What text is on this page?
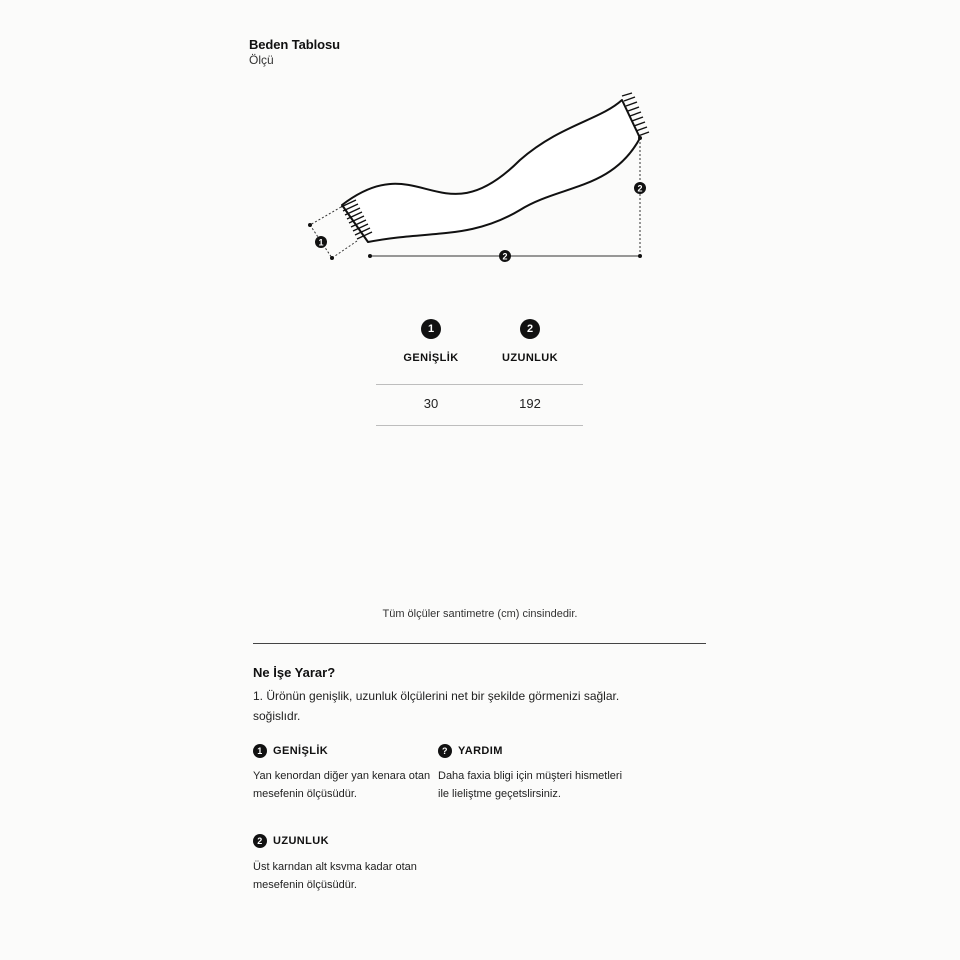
Beden Tablosu
Ölçü
1
2
2
1
GENİŞLİK
30
2
UZUNLUK
192
Tüm ölçüler santimetre (cm) cinsindedir.
Ne İşe Yarar?
1. Ürönün genişlik, uzunluk ölçülerini net bir şekilde görmenizi sağlar. soğislıdr.
1 GENİŞLİK
Yan kenordan diğer yan kenara otan mesefenin ölçüsüdür.
? YARDIM
Daha faxia bligi için müşteri hismetleri ile lieliştme geçetslirsiniz.
2 UZUNLUK
Üst karndan alt ksvma kadar otan mesefenin ölçüsüdür.
